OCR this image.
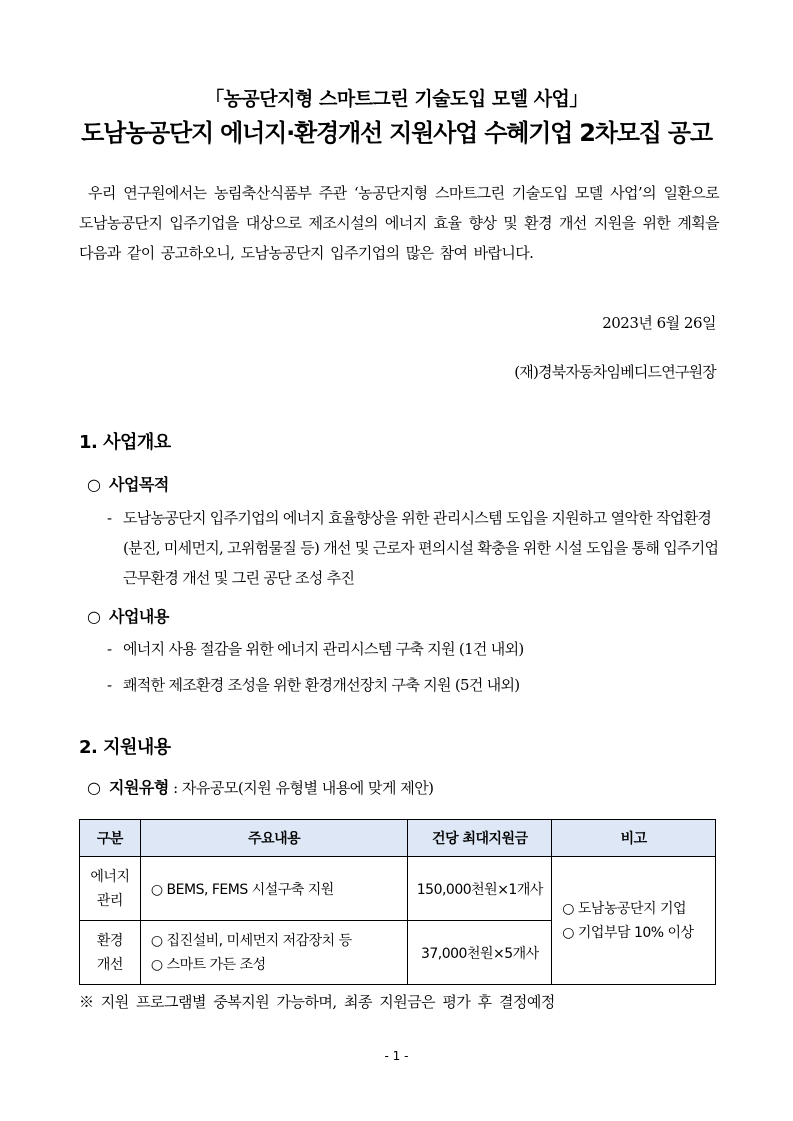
「농공단지형 스마트그린 기술도입 모델 사업」
도남농공단지 에너지·환경개선 지원사업 수혜기업 2차모집 공고
우리 연구원에서는 농림축산식품부 주관 ‘농공단지형 스마트그린 기술도입 모델 사업’의 일환으로 도남농공단지 입주기업을 대상으로 제조시설의 에너지 효율 향상 및 환경 개선 지원을 위한 계획을 다음과 같이 공고하오니, 도남농공단지 입주기업의 많은 참여 바랍니다.
2023년 6월 26일
(재)경북자동차임베디드연구원장
1. 사업개요
○ 사업목적
- 도남농공단지 입주기업의 에너지 효율향상을 위한 관리시스템 도입을 지원하고 열악한 작업환경(분진, 미세먼지, 고위험물질 등) 개선 및 근로자 편의시설 확충을 위한 시설 도입을 통해 입주기업 근무환경 개선 및 그린 공단 조성 추진
○ 사업내용
- 에너지 사용 절감을 위한 에너지 관리시스템 구축 지원 (1건 내외)
- 쾌적한 제조환경 조성을 위한 환경개선장치 구축 지원 (5건 내외)
2. 지원내용
○ 지원유형 : 자유공모(지원 유형별 내용에 맞게 제안)
구분	주요내용	건당 최대지원금	비고

에너지
관리	○ BEMS, FEMS 시설구축 지원	150,000천원×1개사	○ 도남농공단지 기업
○ 기업부담 10% 이상

환경
개선	○ 집진설비, 미세먼지 저감장치 등
○ 스마트 가든 조성	37,000천원×5개사	
※ 지원 프로그램별 중복지원 가능하며, 최종 지원금은 평가 후 결정예정
- 1 -
